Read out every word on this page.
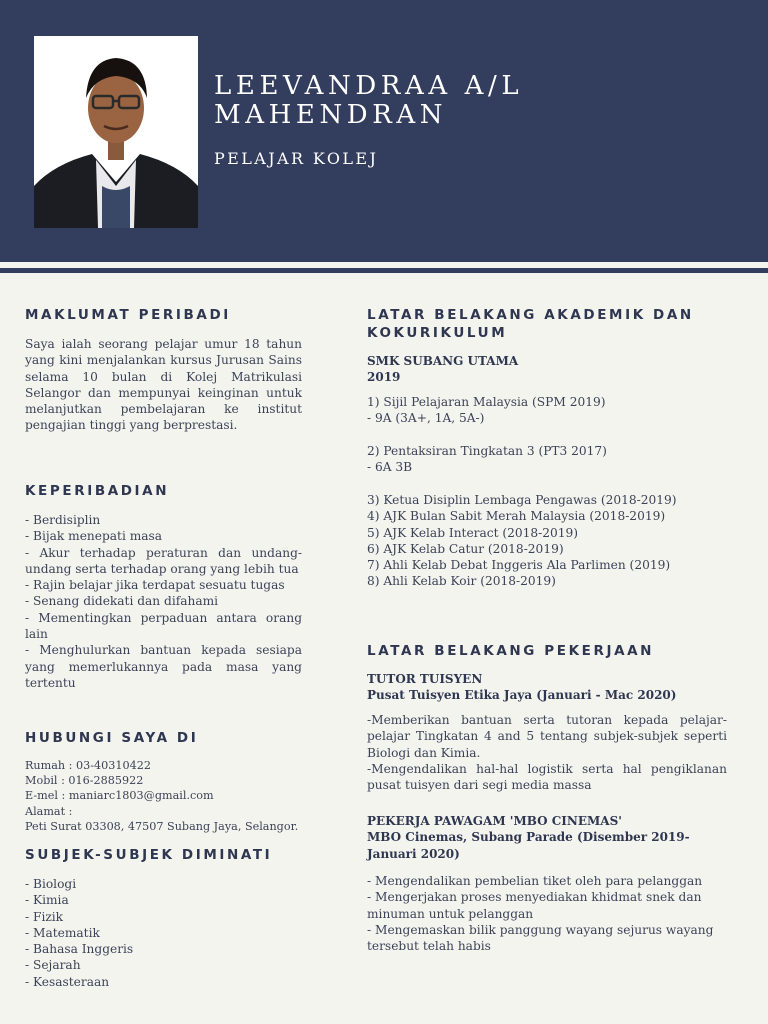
LEEVANDRAA A/L MAHENDRAN
PELAJAR KOLEJ
MAKLUMAT PERIBADI
Saya ialah seorang pelajar umur 18 tahun yang kini menjalankan kursus Jurusan Sains selama 10 bulan di Kolej Matrikulasi Selangor dan mempunyai keinginan untuk melanjutkan pembelajaran ke institut pengajian tinggi yang berprestasi.
KEPERIBADIAN
- Berdisiplin
- Bijak menepati masa
- Akur terhadap peraturan dan undang-undang serta terhadap orang yang lebih tua
- Rajin belajar jika terdapat sesuatu tugas
- Senang didekati dan difahami
- Mementingkan perpaduan antara orang lain
- Menghulurkan bantuan kepada sesiapa yang memerlukannya pada masa yang tertentu
HUBUNGI SAYA DI
Rumah : 03-40310422
Mobil : 016-2885922
E-mel : maniarc1803@gmail.com
Alamat :
Peti Surat 03308, 47507 Subang Jaya, Selangor.
SUBJEK-SUBJEK DIMINATI
- Biologi
- Kimia
- Fizik
- Matematik
- Bahasa Inggeris
- Sejarah
- Kesasteraan
LATAR BELAKANG AKADEMIK DAN KOKURIKULUM
SMK SUBANG UTAMA
2019
1) Sijil Pelajaran Malaysia (SPM 2019)
- 9A (3A+, 1A, 5A-)
2) Pentaksiran Tingkatan 3 (PT3 2017)
- 6A 3B
3) Ketua Disiplin Lembaga Pengawas (2018-2019)
4) AJK Bulan Sabit Merah Malaysia (2018-2019)
5) AJK Kelab Interact (2018-2019)
6) AJK Kelab Catur (2018-2019)
7) Ahli Kelab Debat Inggeris Ala Parlimen (2019)
8) Ahli Kelab Koir (2018-2019)
LATAR BELAKANG PEKERJAAN
TUTOR TUISYEN
Pusat Tuisyen Etika Jaya (Januari - Mac 2020)
-Memberikan bantuan serta tutoran kepada pelajar-pelajar Tingkatan 4 and 5 tentang subjek-subjek seperti Biologi dan Kimia.
-Mengendalikan hal-hal logistik serta hal pengiklanan pusat tuisyen dari segi media massa
PEKERJA PAWAGAM 'MBO CINEMAS'
MBO Cinemas, Subang Parade (Disember 2019-Januari 2020)
- Mengendalikan pembelian tiket oleh para pelanggan
- Mengerjakan proses menyediakan khidmat snek dan minuman untuk pelanggan
- Mengemaskan bilik panggung wayang sejurus wayang tersebut telah habis
